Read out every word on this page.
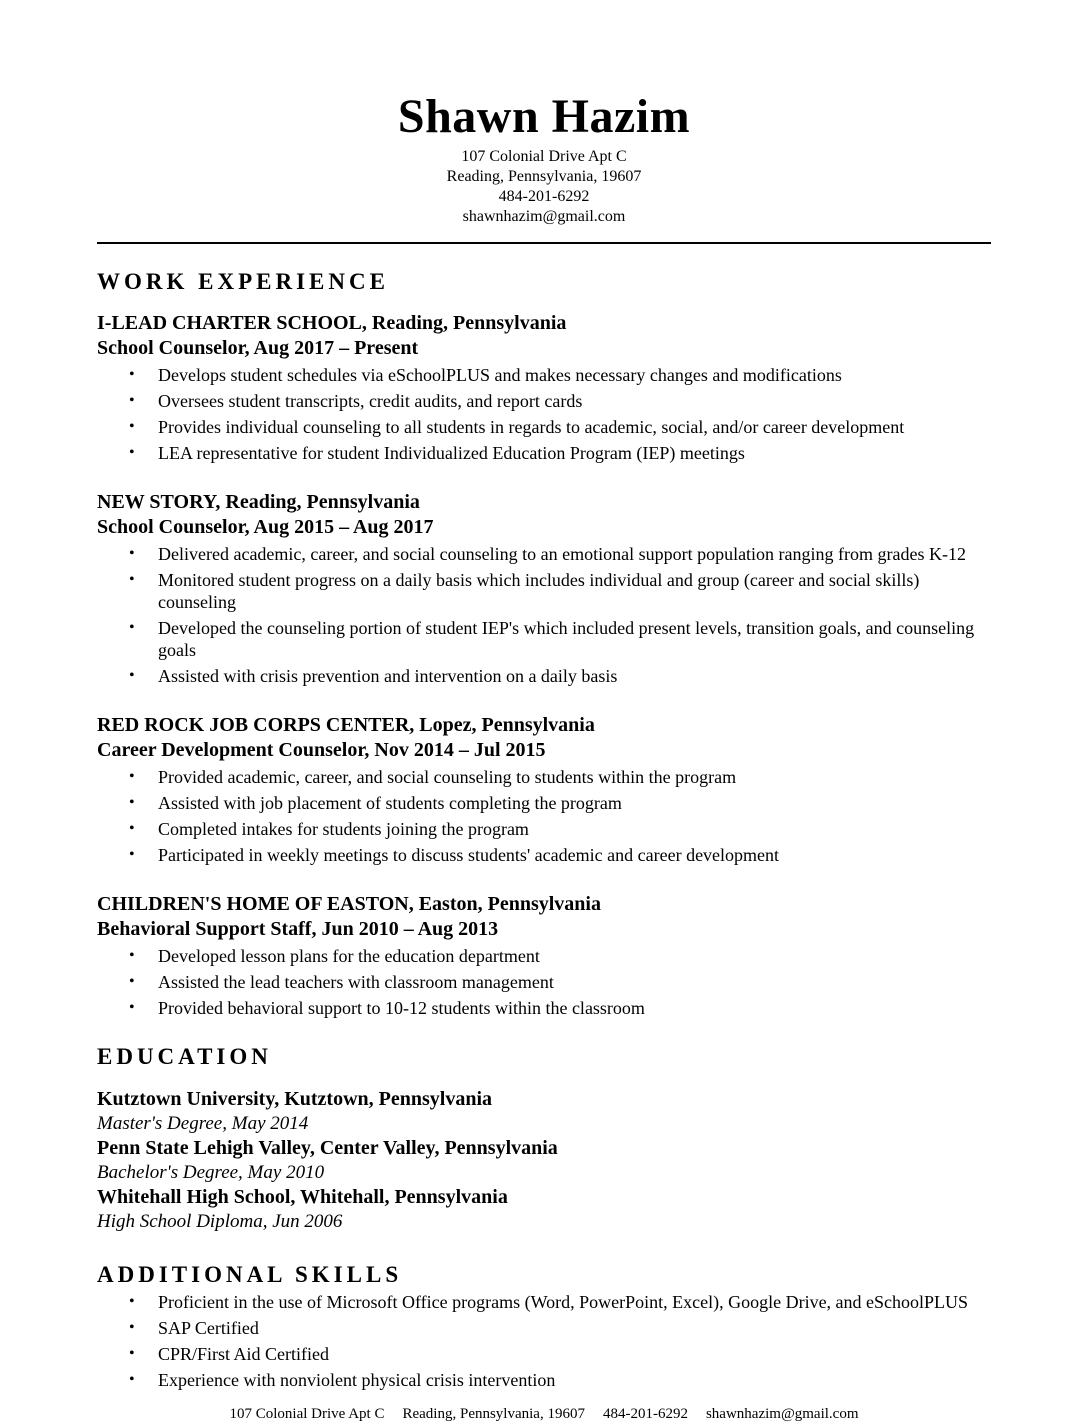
Shawn Hazim
107 Colonial Drive Apt C
Reading, Pennsylvania, 19607
484-201-6292
shawnhazim@gmail.com
WORK EXPERIENCE
I-LEAD CHARTER SCHOOL, Reading, Pennsylvania
School Counselor, Aug 2017 – Present
• Develops student schedules via eSchoolPLUS and makes necessary changes and modifications
• Oversees student transcripts, credit audits, and report cards
• Provides individual counseling to all students in regards to academic, social, and/or career development
• LEA representative for student Individualized Education Program (IEP) meetings
NEW STORY, Reading, Pennsylvania
School Counselor, Aug 2015 – Aug 2017
• Delivered academic, career, and social counseling to an emotional support population ranging from grades K-12
• Monitored student progress on a daily basis which includes individual and group (career and social skills) counseling
• Developed the counseling portion of student IEP's which included present levels, transition goals, and counseling goals
• Assisted with crisis prevention and intervention on a daily basis
RED ROCK JOB CORPS CENTER, Lopez, Pennsylvania
Career Development Counselor, Nov 2014 – Jul 2015
• Provided academic, career, and social counseling to students within the program
• Assisted with job placement of students completing the program
• Completed intakes for students joining the program
• Participated in weekly meetings to discuss students' academic and career development
CHILDREN'S HOME OF EASTON, Easton, Pennsylvania
Behavioral Support Staff, Jun 2010 – Aug 2013
• Developed lesson plans for the education department
• Assisted the lead teachers with classroom management
• Provided behavioral support to 10-12 students within the classroom
EDUCATION
Kutztown University, Kutztown, Pennsylvania
Master's Degree, May 2014
Penn State Lehigh Valley, Center Valley, Pennsylvania
Bachelor's Degree, May 2010
Whitehall High School, Whitehall, Pennsylvania
High School Diploma, Jun 2006
ADDITIONAL SKILLS
• Proficient in the use of Microsoft Office programs (Word, PowerPoint, Excel), Google Drive, and eSchoolPLUS
• SAP Certified
• CPR/First Aid Certified
• Experience with nonviolent physical crisis intervention
107 Colonial Drive Apt C Reading, Pennsylvania, 19607 484-201-6292 shawnhazim@gmail.com
